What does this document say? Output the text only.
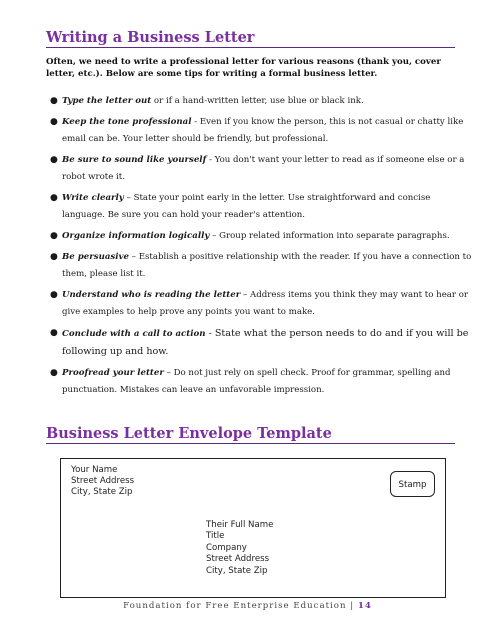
Writing a Business Letter
Often, we need to write a professional letter for various reasons (thank you, cover letter, etc.). Below are some tips for writing a formal business letter.
● Type the letter out or if a hand-written letter, use blue or black ink.
● Keep the tone professional - Even if you know the person, this is not casual or chatty like email can be. Your letter should be friendly, but professional.
● Be sure to sound like yourself - You don't want your letter to read as if someone else or a robot wrote it.
● Write clearly – State your point early in the letter. Use straightforward and concise language. Be sure you can hold your reader's attention.
● Organize information logically – Group related information into separate paragraphs.
● Be persuasive – Establish a positive relationship with the reader. If you have a connection to them, please list it.
● Understand who is reading the letter – Address items you think they may want to hear or give examples to help prove any points you want to make.
● Conclude with a call to action - State what the person needs to do and if you will be following up and how.
● Proofread your letter – Do not just rely on spell check. Proof for grammar, spelling and punctuation. Mistakes can leave an unfavorable impression.
Business Letter Envelope Template
Your Name
Street Address
City, State Zip
Stamp
Their Full Name
Title
Company
Street Address
City, State Zip
Foundation for Free Enterprise Education | 14
